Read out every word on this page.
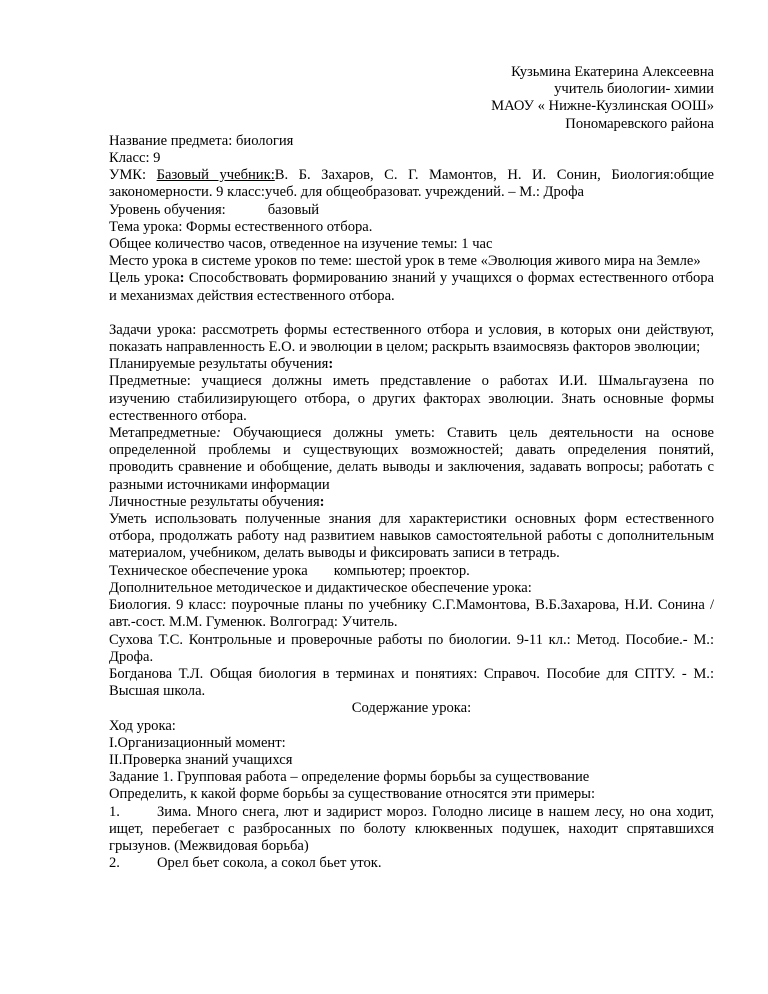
Кузьмина Екатерина Алексеевна

учитель биологии- химии

МАОУ « Нижне-Кузлинская ООШ»

Пономаревского района

Название предмета: биология

Класс: 9

УМК: Базовый учебник:В. Б. Захаров, С. Г. Мамонтов, Н. И. Сонин, Биология:общие закономерности. 9 класс:учеб. для общеобразоват. учреждений. – М.: Дрофа

Уровень обучения:	базовый

Тема урока: Формы естественного отбора.

Общее количество часов, отведенное на изучение темы: 1 час

Место урока в системе уроков по теме: шестой урок в теме «Эволюция живого мира на Земле»

Цель урока: Способствовать формированию знаний у учащихся о формах естественного отбора и механизмах действия естественного отбора.

Задачи урока: рассмотреть формы естественного отбора и условия, в которых они действуют, показать направленность Е.О. и эволюции в целом; раскрыть взаимосвязь факторов эволюции;

Планируемые результаты обучения:

Предметные: учащиеся должны иметь представление о работах И.И. Шмальгаузена по изучению стабилизирующего отбора, о других факторах эволюции. Знать основные формы естественного отбора.

Метапредметные: Обучающиеся должны уметь: Ставить цель деятельности на основе определенной проблемы и существующих возможностей; давать определения понятий, проводить сравнение и обобщение, делать выводы и заключения, задавать вопросы; работать с разными источниками информации

Личностные результаты обучения:

Уметь использовать полученные знания для характеристики основных форм естественного отбора, продолжать работу над развитием навыков самостоятельной работы с дополнительным материалом, учебником, делать выводы и фиксировать записи в тетрадь.

Техническое обеспечение урока компьютер; проектор.

Дополнительное методическое и дидактическое обеспечение урока:

Биология. 9 класс: поурочные планы по учебнику С.Г.Мамонтова, В.Б.Захарова, Н.И. Сонина /авт.-сост. М.М. Гуменюк. Волгоград: Учитель.

Сухова Т.С. Контрольные и проверочные работы по биологии. 9-11 кл.: Метод. Пособие.- М.: Дрофа.

Богданова Т.Л. Общая биология в терминах и понятиях: Справоч. Пособие для СПТУ. - М.: Высшая школа.

Содержание урока:

Ход урока:

I.Организационный момент:

II.Проверка знаний учащихся

Задание 1. Групповая работа – определение формы борьбы за существование

Определить, к какой форме борьбы за существование относятся эти примеры:

1.	Зима. Много снега, лют и задирист мороз. Голодно лисице в нашем лесу, но она ходит, ищет, перебегает с разбросанных по болоту клюквенных подушек, находит спрятавшихся грызунов. (Межвидовая борьба)

2.	Орел бьет сокола, а сокол бьет уток.
